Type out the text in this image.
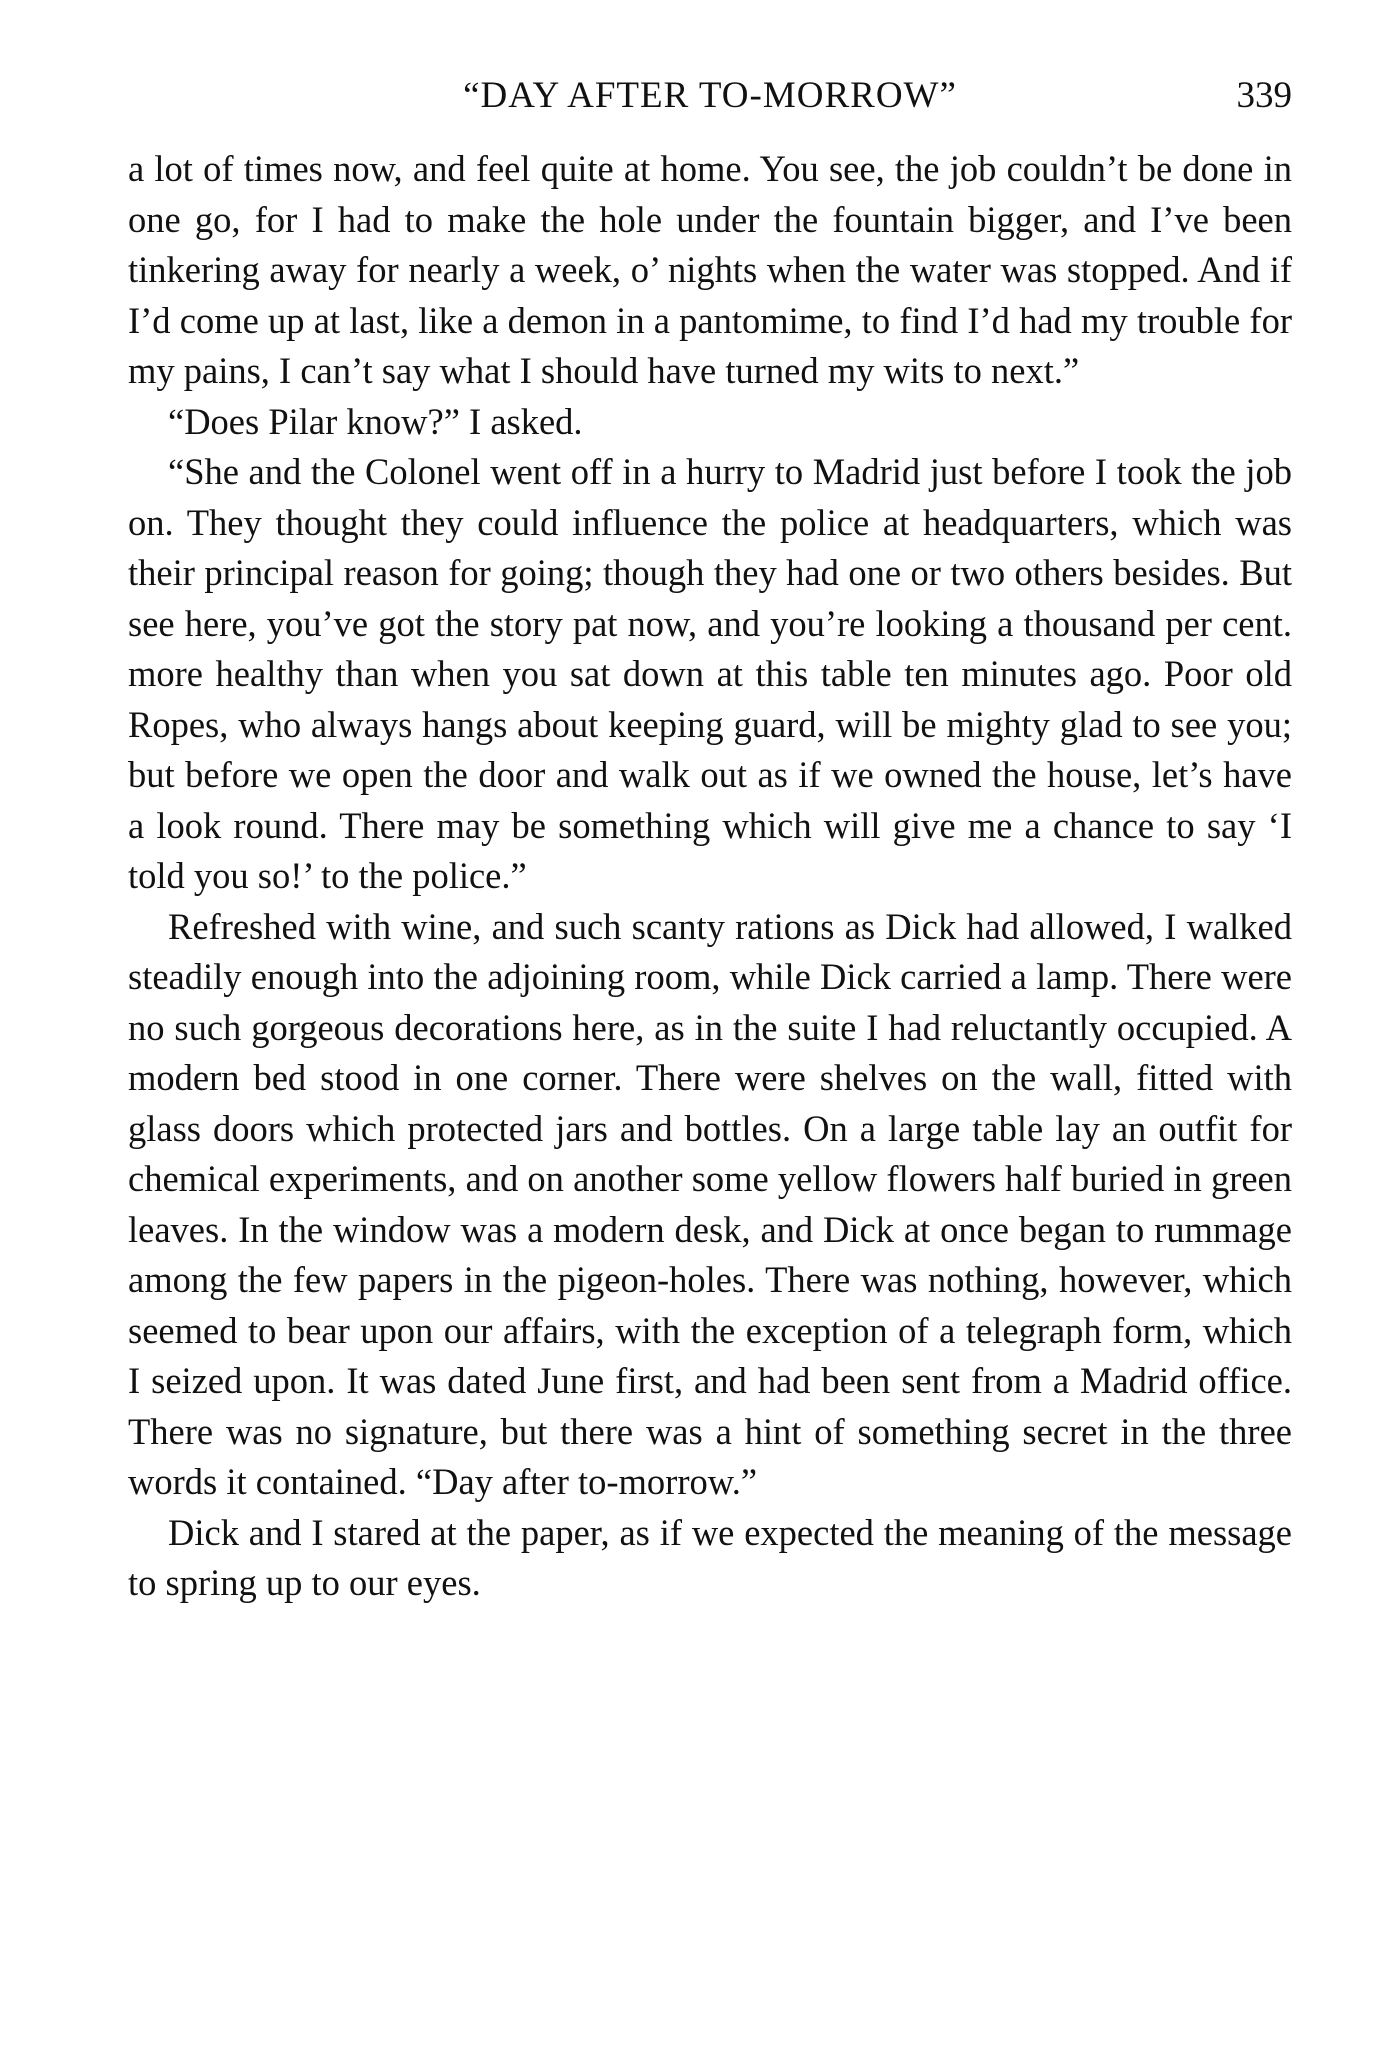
“DAY AFTER TO-MORROW”	339

a lot of times now, and feel quite at home. You see, the job couldn’t be done in one go, for I had to make the hole under the fountain bigger, and I’ve been tinkering away for nearly a week, o’ nights when the water was stopped. And if I’d come up at last, like a demon in a pantomime, to find I’d had my trouble for my pains, I can’t say what I should have turned my wits to next.”

“Does Pilar know?” I asked.

“She and the Colonel went off in a hurry to Madrid just before I took the job on. They thought they could influence the police at headquarters, which was their principal reason for going; though they had one or two others besides. But see here, you’ve got the story pat now, and you’re looking a thousand per cent. more healthy than when you sat down at this table ten minutes ago. Poor old Ropes, who always hangs about keeping guard, will be mighty glad to see you; but before we open the door and walk out as if we owned the house, let’s have a look round. There may be something which will give me a chance to say ‘I told you so!’ to the police.”

Refreshed with wine, and such scanty rations as Dick had allowed, I walked steadily enough into the adjoining room, while Dick carried a lamp. There were no such gorgeous decorations here, as in the suite I had reluctantly occupied. A modern bed stood in one corner. There were shelves on the wall, fitted with glass doors which protected jars and bottles. On a large table lay an outfit for chemical experiments, and on another some yellow flowers half buried in green leaves. In the window was a modern desk, and Dick at once began to rummage among the few papers in the pigeon-holes. There was nothing, however, which seemed to bear upon our affairs, with the exception of a telegraph form, which I seized upon. It was dated June first, and had been sent from a Madrid office. There was no signature, but there was a hint of something secret in the three words it contained. “Day after to-morrow.”

Dick and I stared at the paper, as if we expected the meaning of the message to spring up to our eyes.
